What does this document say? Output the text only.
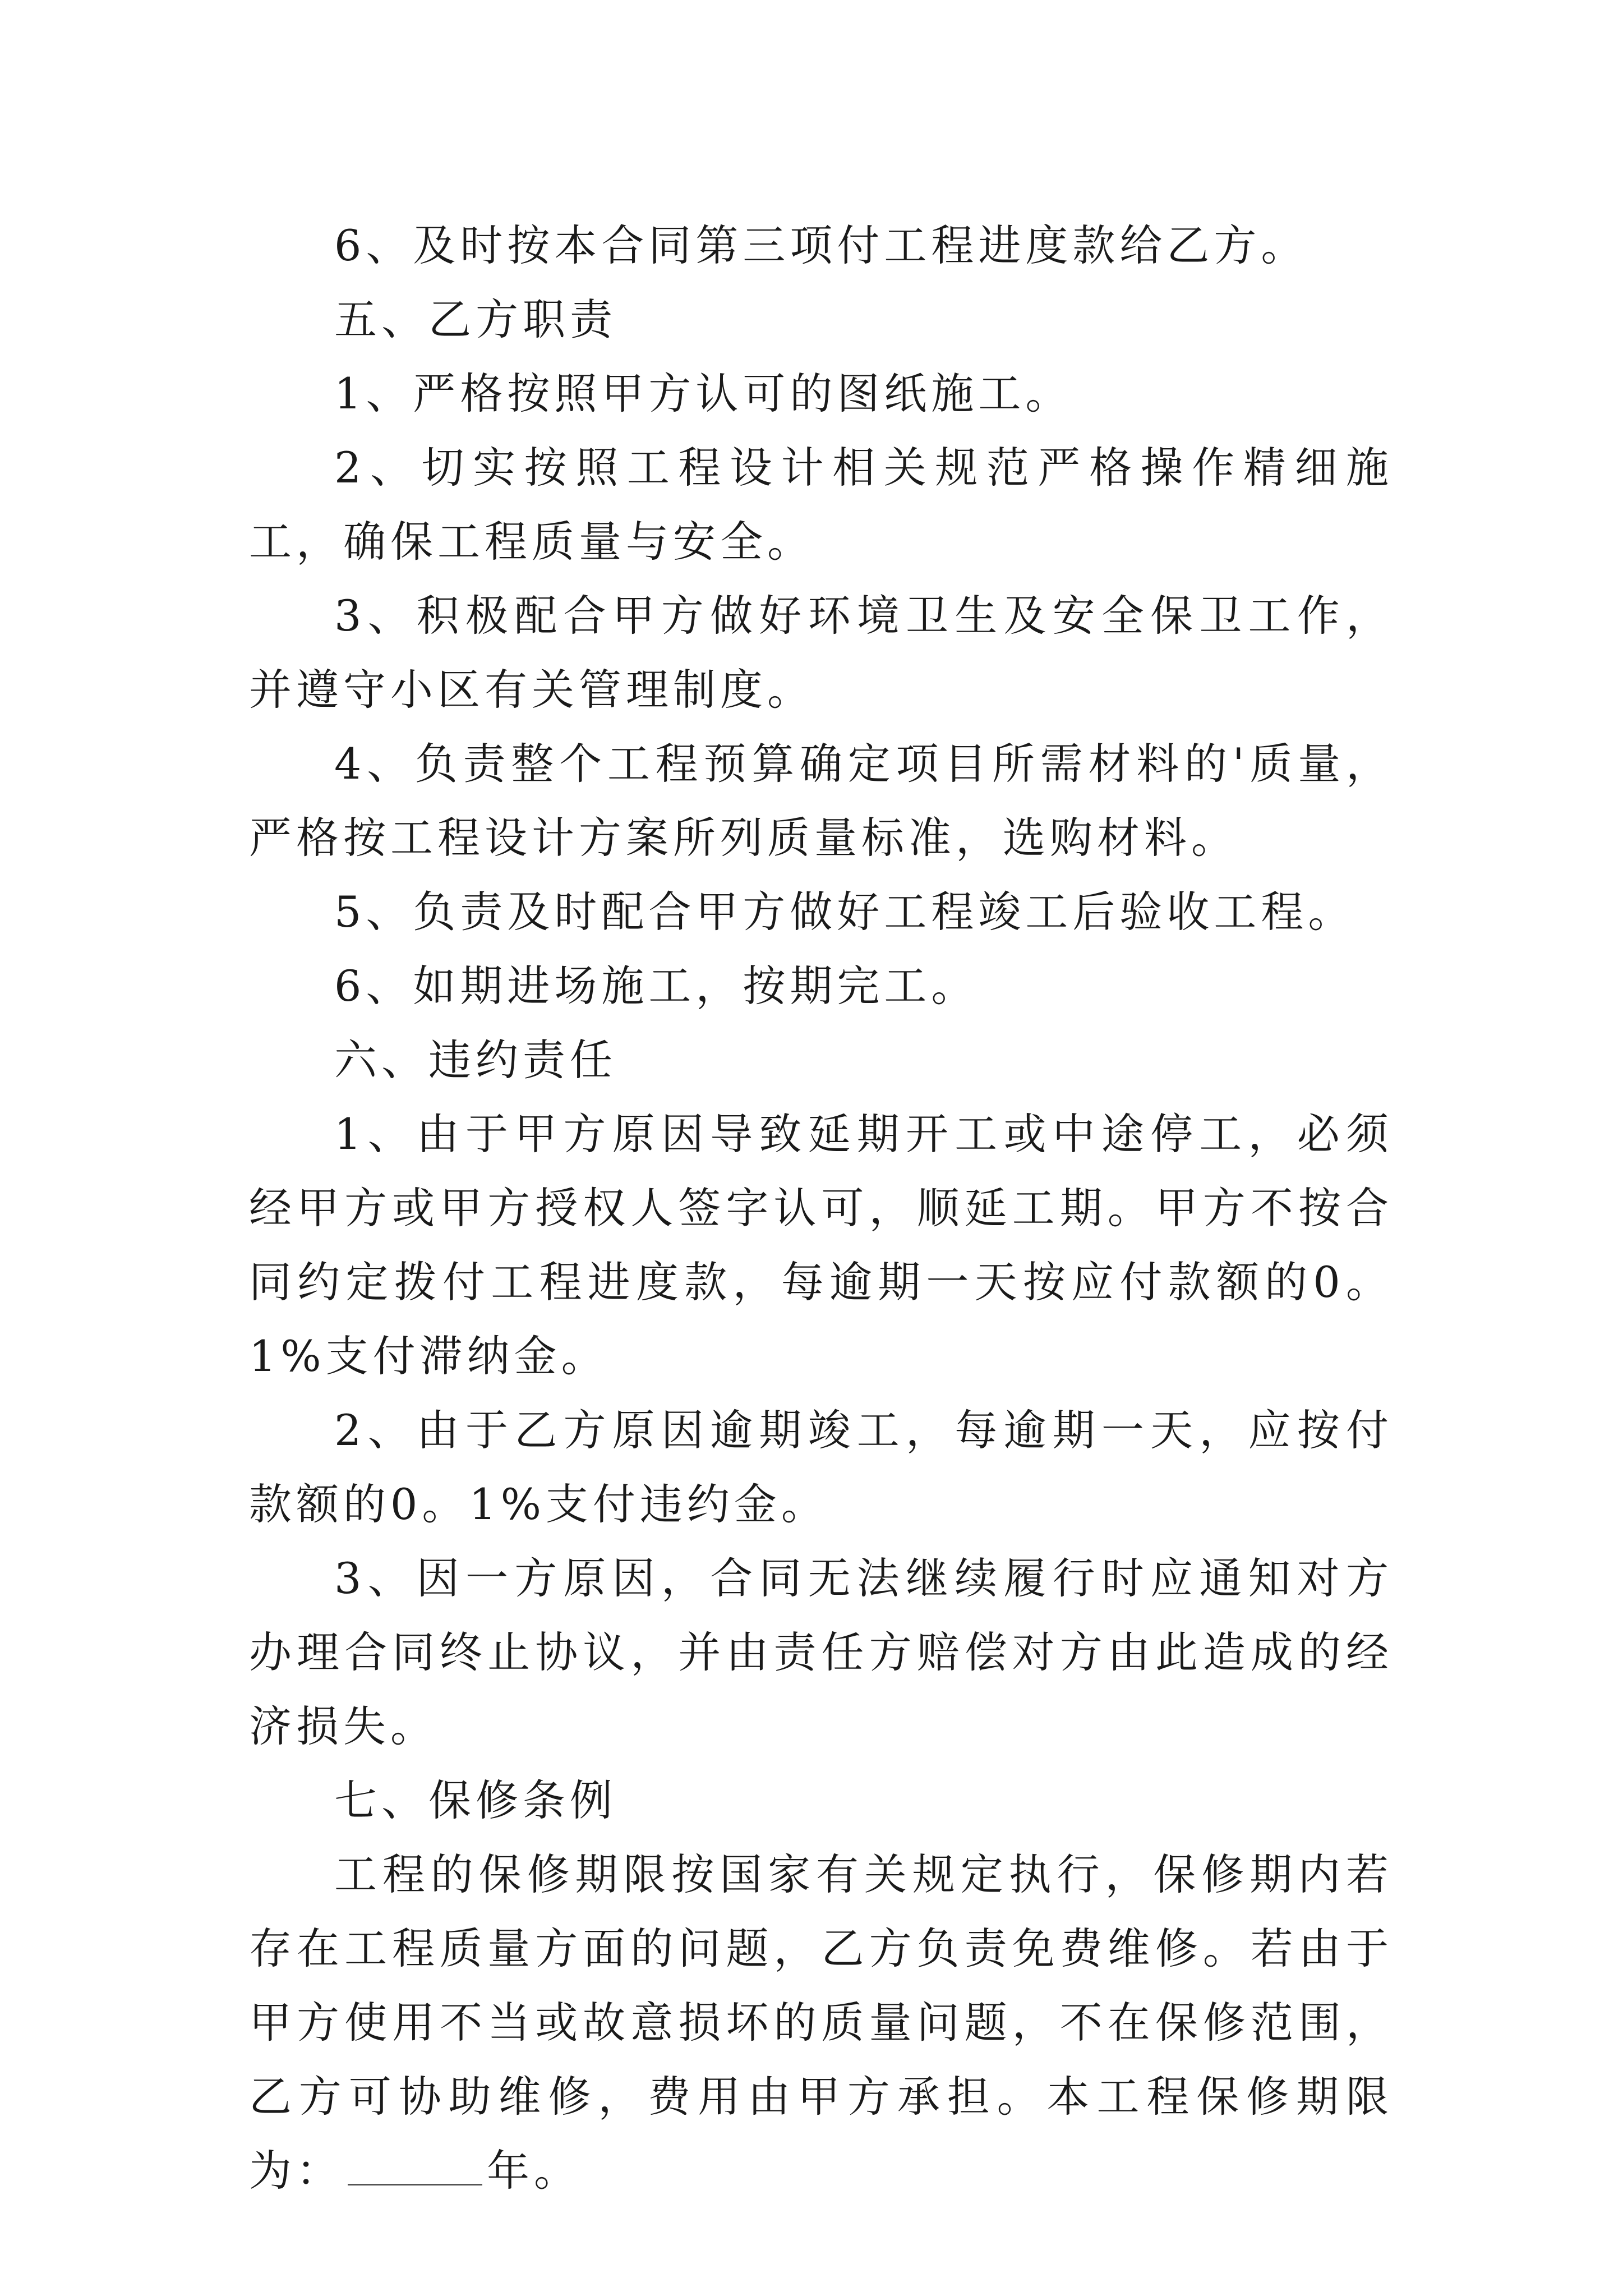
6、及时按本合同第三项付工程进度款给乙方。

五、乙方职责

1、严格按照甲方认可的图纸施工。

2、切实按照工程设计相关规范严格操作精细施工，确保工程质量与安全。

3、积极配合甲方做好环境卫生及安全保卫工作，并遵守小区有关管理制度。

4、负责整个工程预算确定项目所需材料的'质量，严格按工程设计方案所列质量标准，选购材料。

5、负责及时配合甲方做好工程竣工后验收工程。

6、如期进场施工，按期完工。

六、违约责任

1、由于甲方原因导致延期开工或中途停工，必须经甲方或甲方授权人签字认可，顺延工期。甲方不按合同约定拨付工程进度款，每逾期一天按应付款额的0。1%支付滞纳金。

2、由于乙方原因逾期竣工，每逾期一天，应按付款额的0。1%支付违约金。

3、因一方原因，合同无法继续履行时应通知对方办理合同终止协议，并由责任方赔偿对方由此造成的经济损失。

七、保修条例

工程的保修期限按国家有关规定执行，保修期内若存在工程质量方面的问题，乙方负责免费维修。若由于甲方使用不当或故意损坏的质量问题，不在保修范围，乙方可协助维修，费用由甲方承担。本工程保修期限为：	年。
